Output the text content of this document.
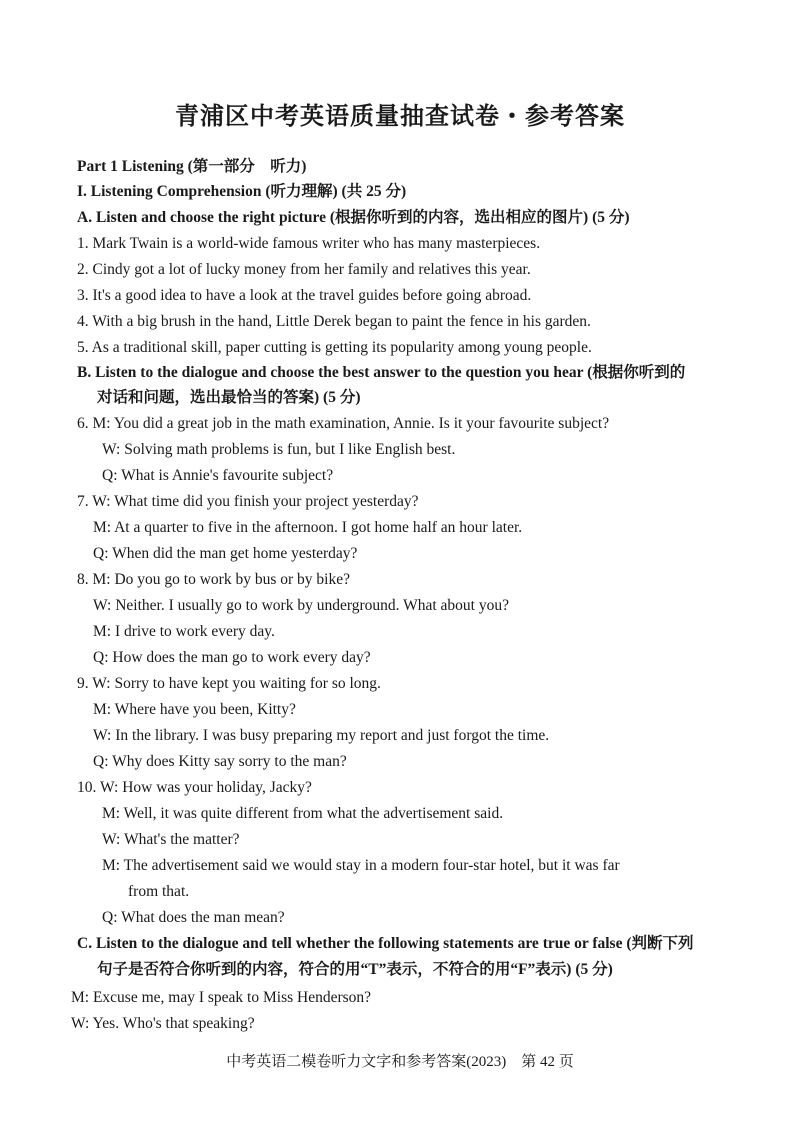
青浦区中考英语质量抽查试卷・参考答案
Part 1 Listening (第一部分　听力)
I. Listening Comprehension (听力理解) (共 25 分)
A. Listen and choose the right picture (根据你听到的内容，选出相应的图片) (5 分)
1. Mark Twain is a world-wide famous writer who has many masterpieces.
2. Cindy got a lot of lucky money from her family and relatives this year.
3. It's a good idea to have a look at the travel guides before going abroad.
4. With a big brush in the hand, Little Derek began to paint the fence in his garden.
5. As a traditional skill, paper cutting is getting its popularity among young people.
B. Listen to the dialogue and choose the best answer to the question you hear (根据你听到的
对话和问题，选出最恰当的答案) (5 分)
6. M: You did a great job in the math examination, Annie. Is it your favourite subject?
W: Solving math problems is fun, but I like English best.
Q: What is Annie's favourite subject?
7. W: What time did you finish your project yesterday?
M: At a quarter to five in the afternoon. I got home half an hour later.
Q: When did the man get home yesterday?
8. M: Do you go to work by bus or by bike?
W: Neither. I usually go to work by underground. What about you?
M: I drive to work every day.
Q: How does the man go to work every day?
9. W: Sorry to have kept you waiting for so long.
M: Where have you been, Kitty?
W: In the library. I was busy preparing my report and just forgot the time.
Q: Why does Kitty say sorry to the man?
10. W: How was your holiday, Jacky?
M: Well, it was quite different from what the advertisement said.
W: What's the matter?
M: The advertisement said we would stay in a modern four-star hotel, but it was far
from that.
Q: What does the man mean?
C. Listen to the dialogue and tell whether the following statements are true or false (判断下列
句子是否符合你听到的内容，符合的用“T”表示，不符合的用“F”表示) (5 分)
M: Excuse me, may I speak to Miss Henderson?
W: Yes. Who's that speaking?
中考英语二模卷听力文字和参考答案(2023)　第 42 页
